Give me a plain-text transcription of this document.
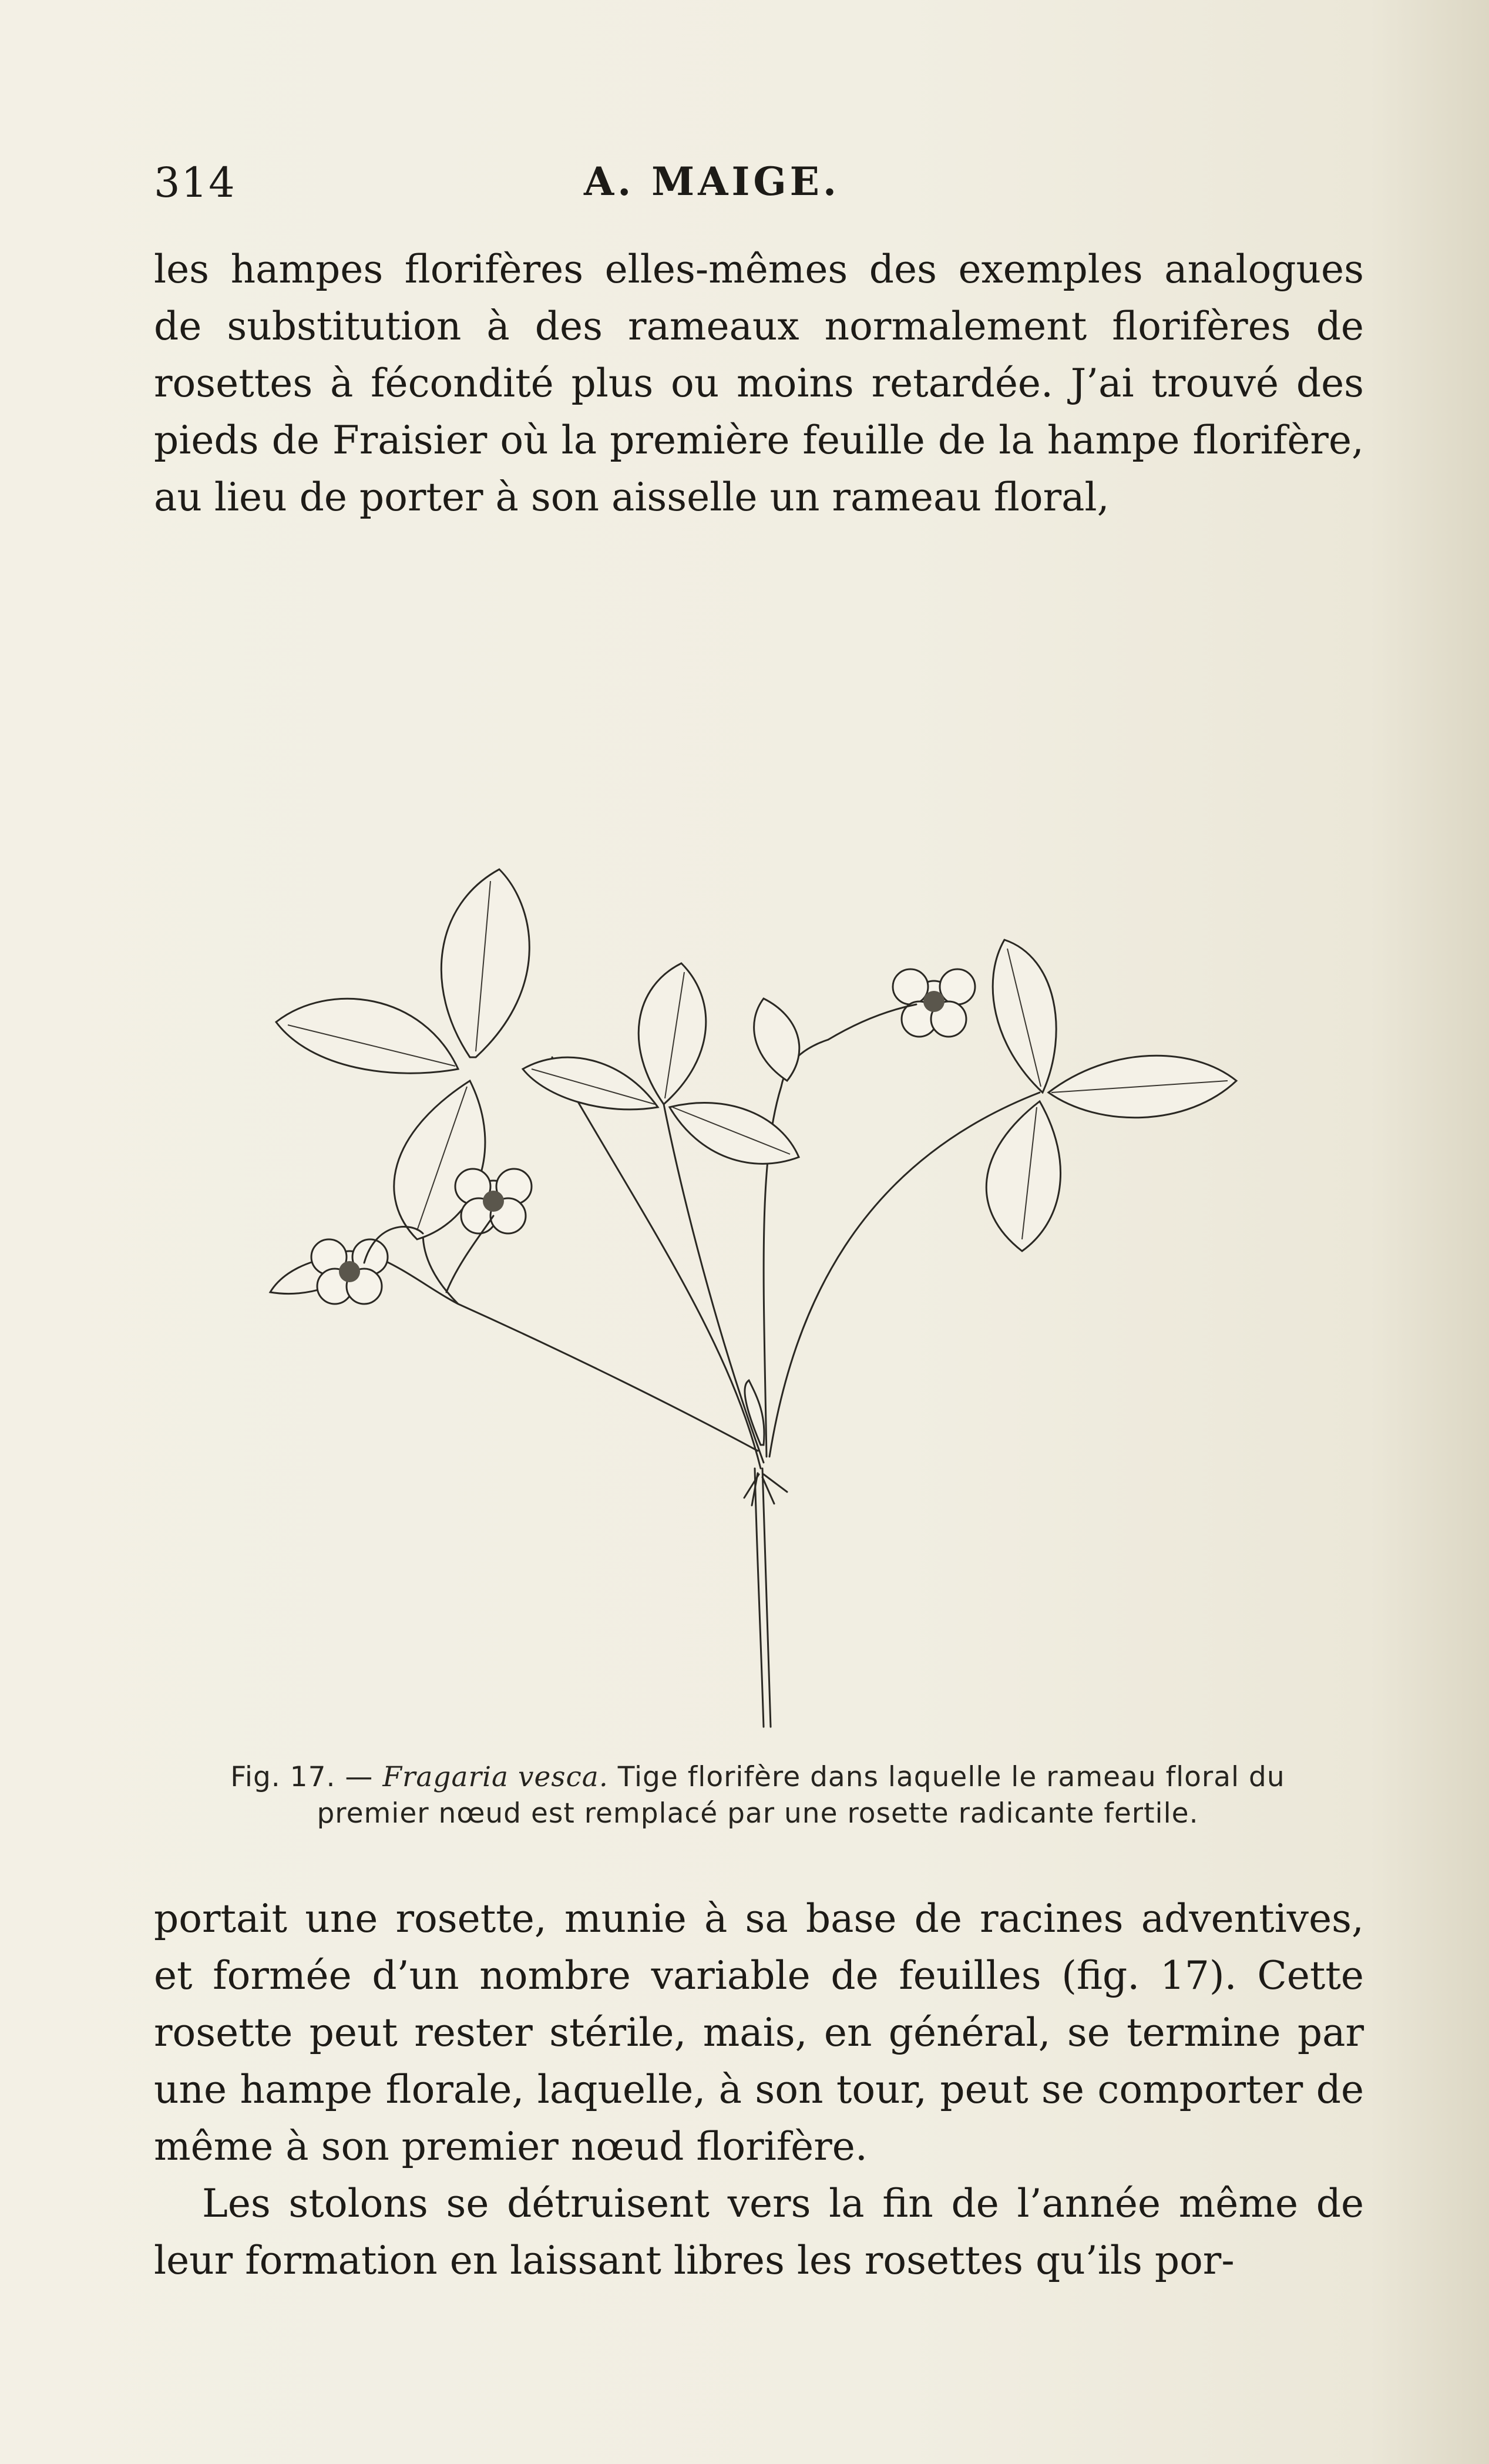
314	A. MAIGE.

les hampes florifères elles-mêmes des exemples analogues de substitution à des rameaux normalement florifères de rosettes à fécondité plus ou moins retardée. J’ai trouvé des pieds de Fraisier où la première feuille de la hampe florifère, au lieu de porter à son aisselle un rameau floral,

Fig. 17. — Fragaria vesca. Tige florifère dans laquelle le rameau floral du premier nœud est remplacé par une rosette radicante fertile.

portait une rosette, munie à sa base de racines adventives, et formée d’un nombre variable de feuilles (fig. 17). Cette rosette peut rester stérile, mais, en général, se termine par une hampe florale, laquelle, à son tour, peut se comporter de même à son premier nœud florifère.

Les stolons se détruisent vers la fin de l’année même de leur formation en laissant libres les rosettes qu’ils por-
